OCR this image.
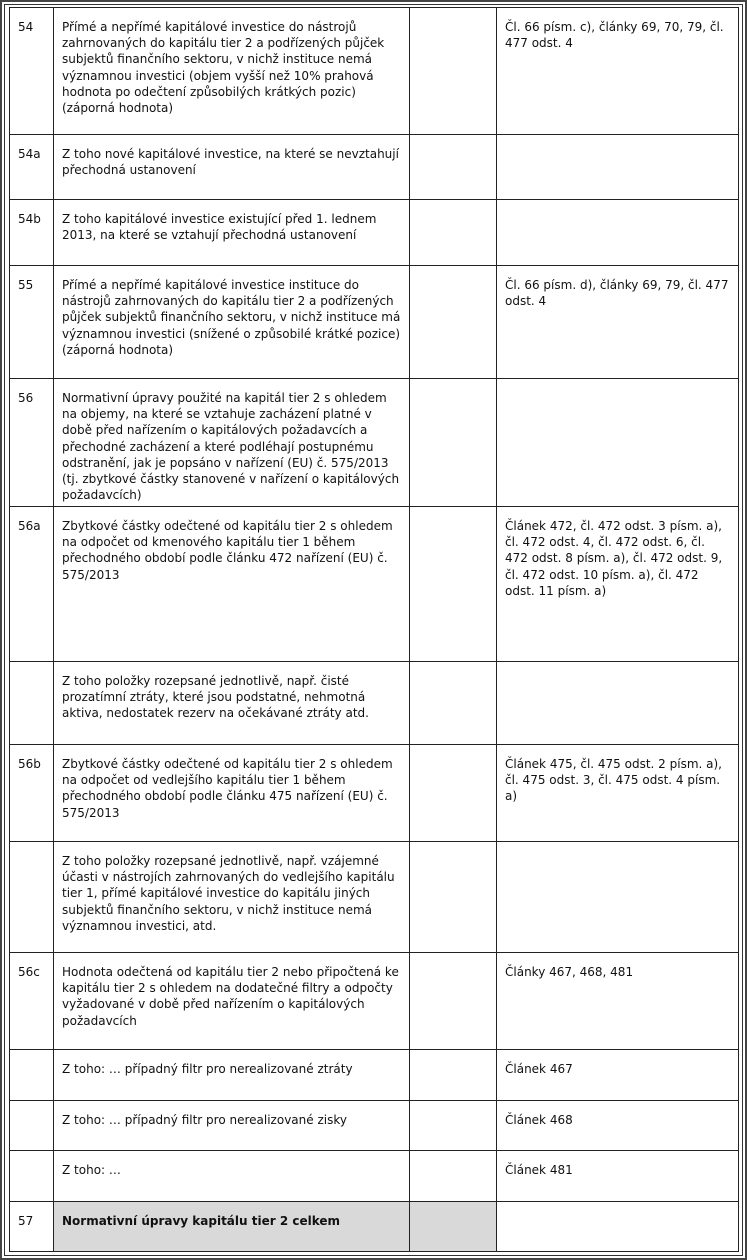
54	Přímé a nepřímé kapitálové investice do nástrojů zahrnovaných do kapitálu tier 2 a podřízených půjček subjektů finančního sektoru, v nichž instituce nemá významnou investici (objem vyšší než 10% prahová hodnota po odečtení způsobilých krátkých pozic) (záporná hodnota)		Čl. 66 písm. c), články 69, 70, 79, čl. 477 odst. 4
54a	Z toho nové kapitálové investice, na které se nevztahují přechodná ustanovení		
54b	Z toho kapitálové investice existující před 1. lednem 2013, na které se vztahují přechodná ustanovení		
55	Přímé a nepřímé kapitálové investice instituce do nástrojů zahrnovaných do kapitálu tier 2 a podřízených půjček subjektů finančního sektoru, v nichž instituce má významnou investici (snížené o způsobilé krátké pozice) (záporná hodnota)		Čl. 66 písm. d), články 69, 79, čl. 477 odst. 4
56	Normativní úpravy použité na kapitál tier 2 s ohledem na objemy, na které se vztahuje zacházení platné v době před nařízením o kapitálových požadavcích a přechodné zacházení a které podléhají postupnému odstranění, jak je popsáno v nařízení (EU) č. 575/2013 (tj. zbytkové částky stanovené v nařízení o kapitálových požadavcích)		
56a	Zbytkové částky odečtené od kapitálu tier 2 s ohledem na odpočet od kmenového kapitálu tier 1 během přechodného období podle článku 472 nařízení (EU) č. 575/2013		Článek 472, čl. 472 odst. 3 písm. a), čl. 472 odst. 4, čl. 472 odst. 6, čl. 472 odst. 8 písm. a), čl. 472 odst. 9, čl. 472 odst. 10 písm. a), čl. 472 odst. 11 písm. a)
	Z toho položky rozepsané jednotlivě, např. čisté prozatímní ztráty, které jsou podstatné, nehmotná aktiva, nedostatek rezerv na očekávané ztráty atd.		
56b	Zbytkové částky odečtené od kapitálu tier 2 s ohledem na odpočet od vedlejšího kapitálu tier 1 během přechodného období podle článku 475 nařízení (EU) č. 575/2013		Článek 475, čl. 475 odst. 2 písm. a), čl. 475 odst. 3, čl. 475 odst. 4 písm. a)
	Z toho položky rozepsané jednotlivě, např. vzájemné účasti v nástrojích zahrnovaných do vedlejšího kapitálu tier 1, přímé kapitálové investice do kapitálu jiných subjektů finančního sektoru, v nichž instituce nemá významnou investici, atd.		
56c	Hodnota odečtená od kapitálu tier 2 nebo připočtená ke kapitálu tier 2 s ohledem na dodatečné filtry a odpočty vyžadované v době před nařízením o kapitálových požadavcích		Články 467, 468, 481
	Z toho: … případný filtr pro nerealizované ztráty		Článek 467
	Z toho: … případný filtr pro nerealizované zisky		Článek 468
	Z toho: …		Článek 481
57	Normativní úpravy kapitálu tier 2 celkem		
